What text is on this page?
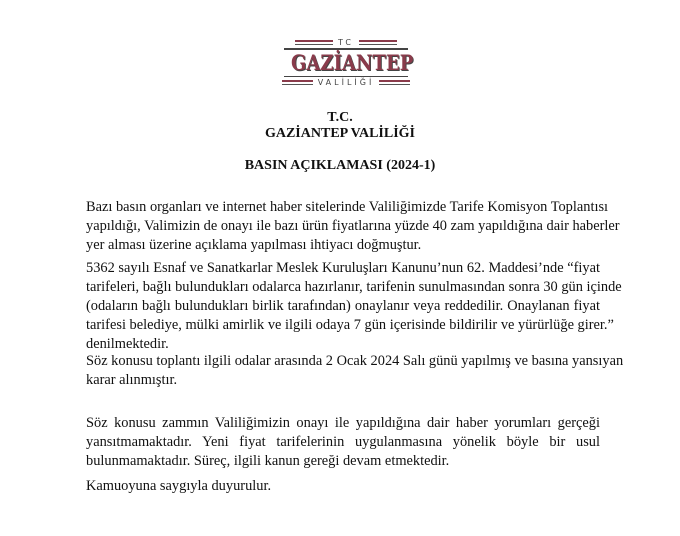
TC
GAZİANTEP
VALİLİĞİ
T.C.
GAZİANTEP VALİLİĞİ
BASIN AÇIKLAMASI (2024-1)
Bazı basın organları ve internet haber sitelerinde Valiliğimizde Tarife Komisyon Toplantısı
yapıldığı, Valimizin de onayı ile bazı ürün fiyatlarına yüzde 40 zam yapıldığına dair haberler
yer alması üzerine açıklama yapılması ihtiyacı doğmuştur.
5362 sayılı Esnaf ve Sanatkarlar Meslek Kuruluşları Kanunu’nun 62. Maddesi’nde “fiyat
tarifeleri, bağlı bulundukları odalarca hazırlanır, tarifenin sunulmasından sonra 30 gün içinde
(odaların bağlı bulundukları birlik tarafından) onaylanır veya reddedilir. Onaylanan fiyat
tarifesi belediye, mülki amirlik ve ilgili odaya 7 gün içerisinde bildirilir ve yürürlüğe girer.”
denilmektedir.
Söz konusu toplantı ilgili odalar arasında 2 Ocak 2024 Salı günü yapılmış ve basına yansıyan
karar alınmıştır.
Söz konusu zammın Valiliğimizin onayı ile yapıldığına dair haber yorumları gerçeği
yansıtmamaktadır. Yeni fiyat tarifelerinin uygulanmasına yönelik böyle bir usul
bulunmamaktadır. Süreç, ilgili kanun gereği devam etmektedir.
Kamuoyuna saygıyla duyurulur.
